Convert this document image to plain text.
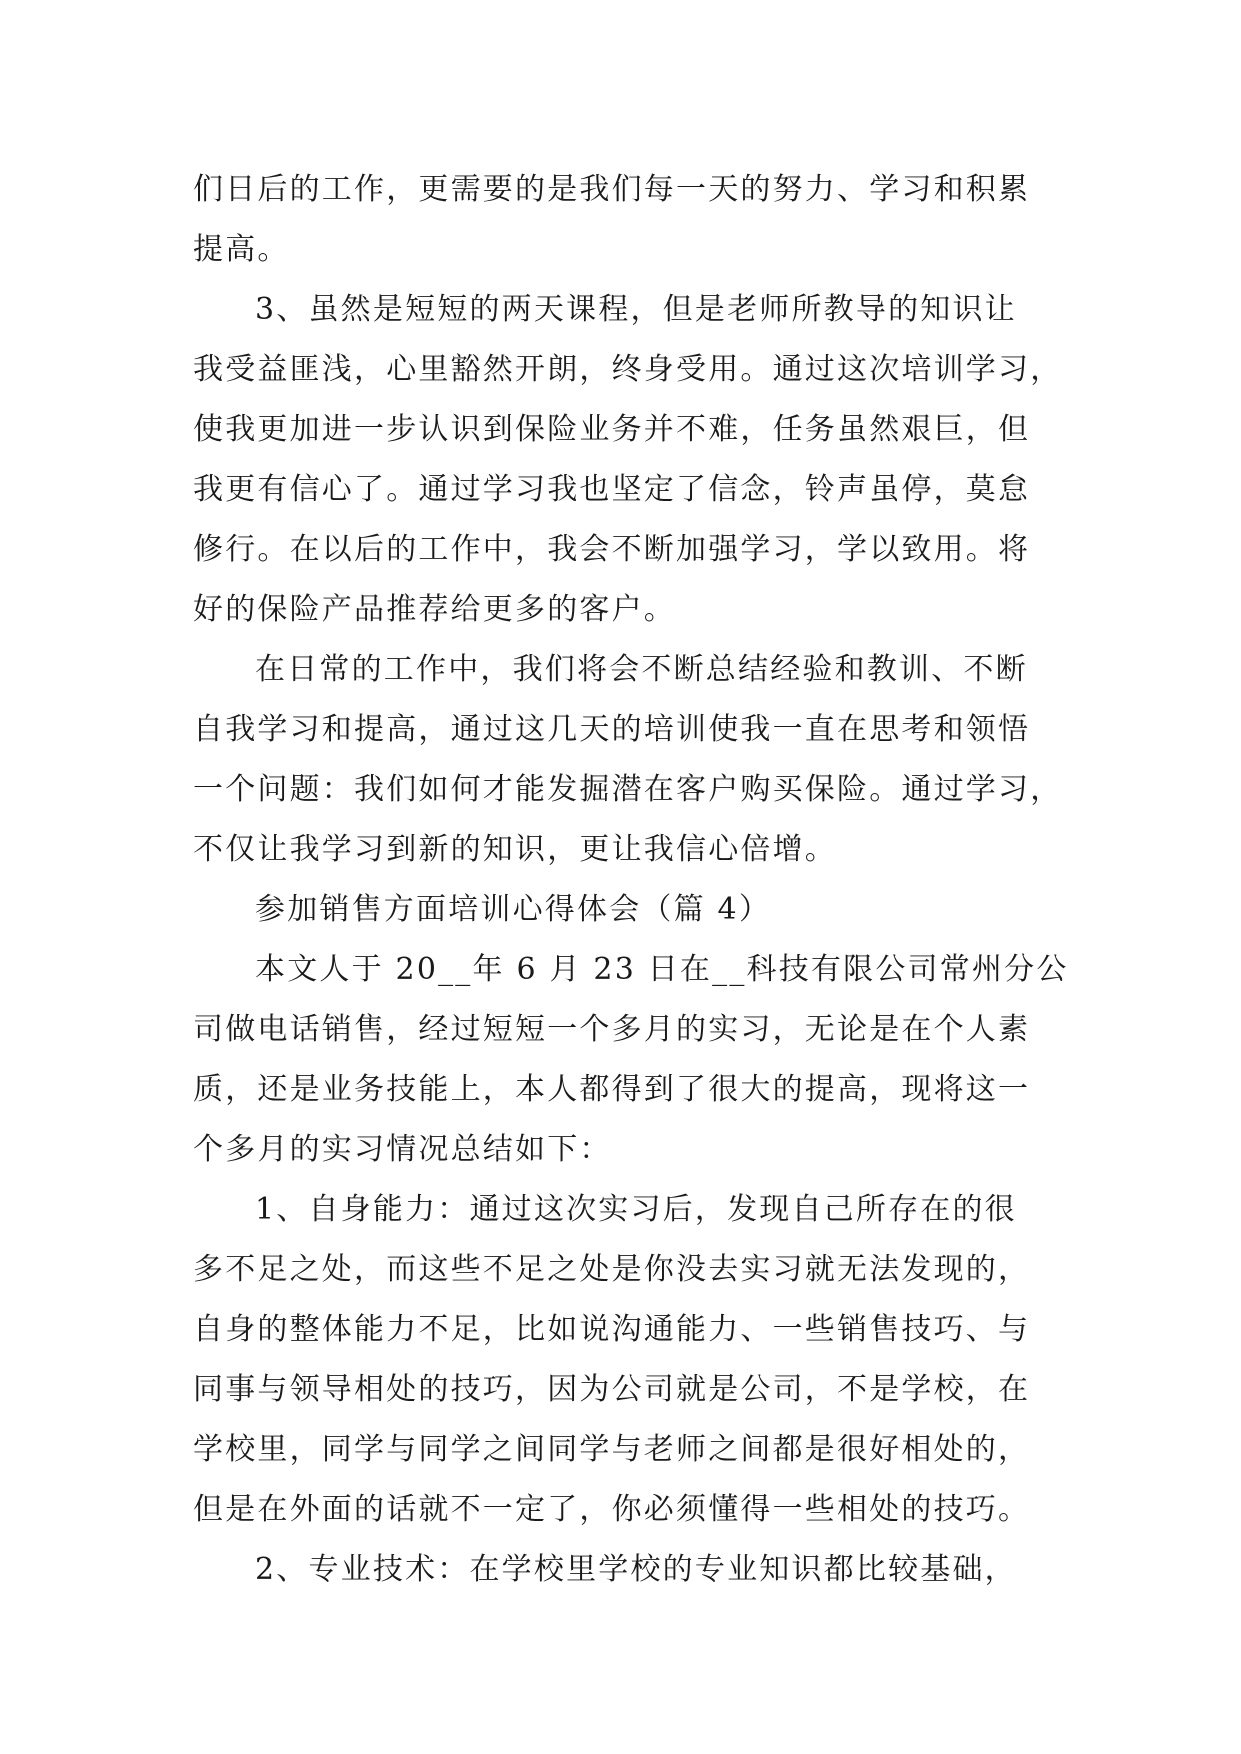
们日后的工作，更需要的是我们每一天的努力、学习和积累
提高。
3、虽然是短短的两天课程，但是老师所教导的知识让
我受益匪浅，心里豁然开朗，终身受用。通过这次培训学习，
使我更加进一步认识到保险业务并不难，任务虽然艰巨，但
我更有信心了。通过学习我也坚定了信念，铃声虽停，莫怠
修行。在以后的工作中，我会不断加强学习，学以致用。将
好的保险产品推荐给更多的客户。
在日常的工作中，我们将会不断总结经验和教训、不断
自我学习和提高，通过这几天的培训使我一直在思考和领悟
一个问题：我们如何才能发掘潜在客户购买保险。通过学习，
不仅让我学习到新的知识，更让我信心倍增。
参加销售方面培训心得体会（篇 4）
本文人于 20__年 6 月 23 日在__科技有限公司常州分公
司做电话销售，经过短短一个多月的实习，无论是在个人素
质，还是业务技能上，本人都得到了很大的提高，现将这一
个多月的实习情况总结如下：
1、自身能力：通过这次实习后，发现自己所存在的很
多不足之处，而这些不足之处是你没去实习就无法发现的，
自身的整体能力不足，比如说沟通能力、一些销售技巧、与
同事与领导相处的技巧，因为公司就是公司，不是学校，在
学校里，同学与同学之间同学与老师之间都是很好相处的，
但是在外面的话就不一定了，你必须懂得一些相处的技巧。
2、专业技术：在学校里学校的专业知识都比较基础，
